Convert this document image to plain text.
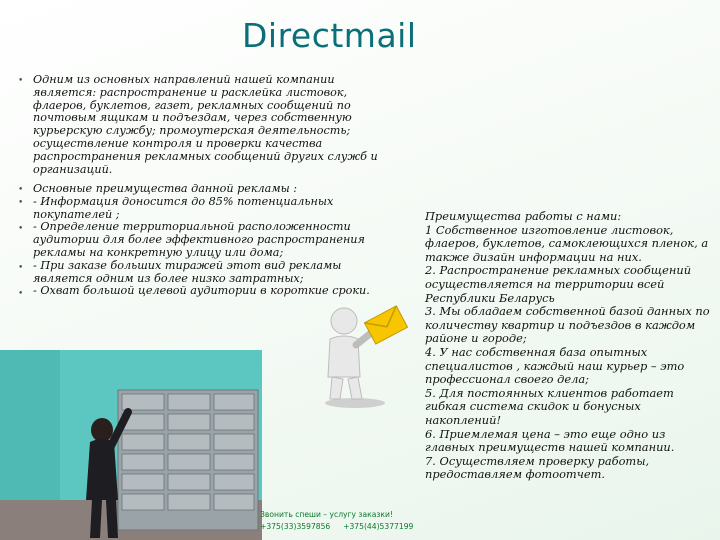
Directmail
• Одним из основных направлений нашей компании является: распространение и расклейка листовок, флаеров, буклетов, газет, рекламных сообщений по почтовым ящикам и подъездам, через собственную курьерскую службу; промоутерская деятельность; осуществление контроля и проверки качества распространения рекламных сообщений других служб и организаций.
•
•
•
•
•
Основные преимущества данной рекламы :
- Информация доносится до 85% потенциальных покупателей ;
- Определение территориальной расположенности аудитории для более эффективного распространения рекламы на конкретную улицу или дома;
- При заказе больших тиражей этот вид рекламы является одним из более низко затратных;
- Охват большой целевой аудитории в короткие сроки.
Преимущества работы с нами:
1 Собственное изготовление листовок, флаеров, буклетов, самоклеющихся пленок, а также дизайн информации на них.
2. Распространение рекламных сообщений осуществляется на территории всей Республики Беларусь
3. Мы обладаем собственной базой данных по количеству квартир и подъездов в каждом районе и городе;
4. У нас собственная база опытных специалистов , каждый наш курьер – это профессионал своего дела;
5. Для постоянных клиентов работает гибкая система скидок и бонусных накоплений!
6. Приемлемая цена – это еще одно из главных преимуществ нашей компании.
7. Осуществляем проверку работы, предоставляем фотоотчет.
Звонить спеши – услугу заказки!
+375(33)3597856 +375(44)5377199
